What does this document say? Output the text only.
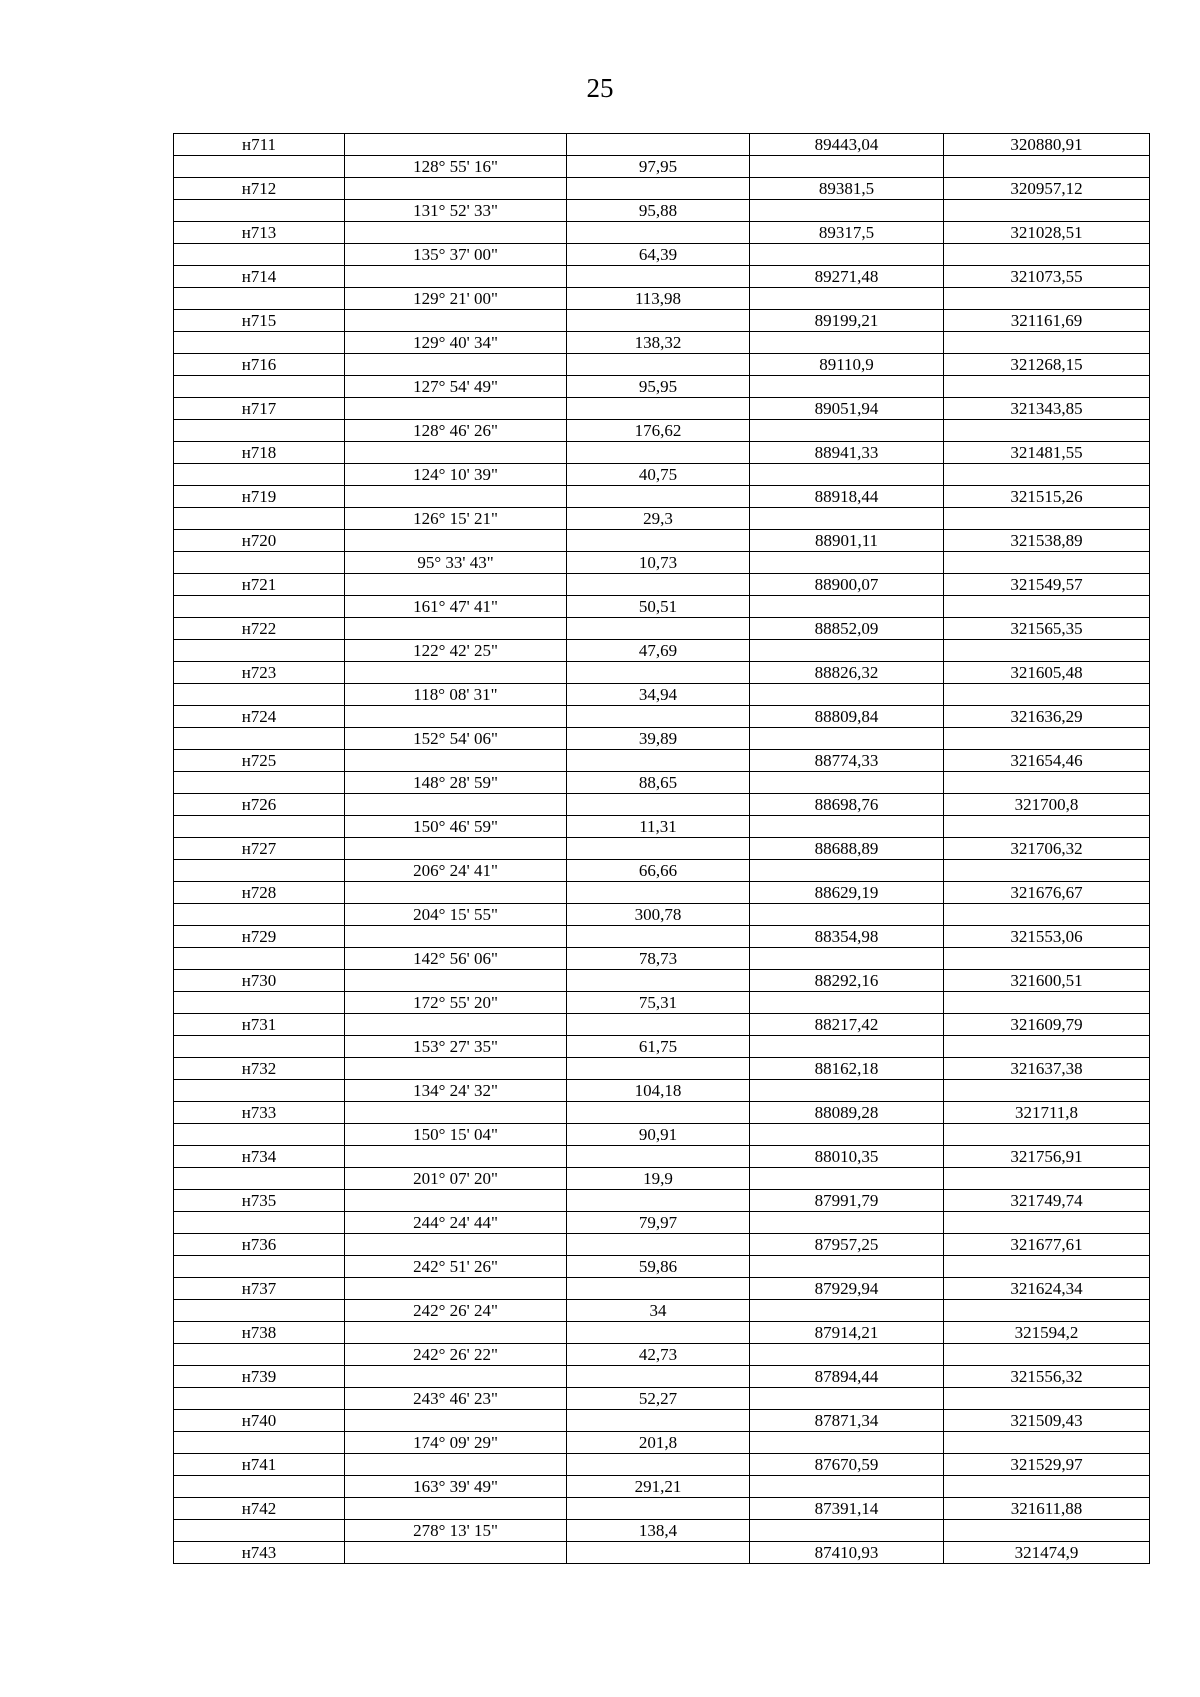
25
н711			89443,04	320880,91
	128° 55' 16"	97,95		
н712			89381,5	320957,12
	131° 52' 33"	95,88		
н713			89317,5	321028,51
	135° 37' 00"	64,39		
н714			89271,48	321073,55
	129° 21' 00"	113,98		
н715			89199,21	321161,69
	129° 40' 34"	138,32		
н716			89110,9	321268,15
	127° 54' 49"	95,95		
н717			89051,94	321343,85
	128° 46' 26"	176,62		
н718			88941,33	321481,55
	124° 10' 39"	40,75		
н719			88918,44	321515,26
	126° 15' 21"	29,3		
н720			88901,11	321538,89
	95° 33' 43"	10,73		
н721			88900,07	321549,57
	161° 47' 41"	50,51		
н722			88852,09	321565,35
	122° 42' 25"	47,69		
н723			88826,32	321605,48
	118° 08' 31"	34,94		
н724			88809,84	321636,29
	152° 54' 06"	39,89		
н725			88774,33	321654,46
	148° 28' 59"	88,65		
н726			88698,76	321700,8
	150° 46' 59"	11,31		
н727			88688,89	321706,32
	206° 24' 41"	66,66		
н728			88629,19	321676,67
	204° 15' 55"	300,78		
н729			88354,98	321553,06
	142° 56' 06"	78,73		
н730			88292,16	321600,51
	172° 55' 20"	75,31		
н731			88217,42	321609,79
	153° 27' 35"	61,75		
н732			88162,18	321637,38
	134° 24' 32"	104,18		
н733			88089,28	321711,8
	150° 15' 04"	90,91		
н734			88010,35	321756,91
	201° 07' 20"	19,9		
н735			87991,79	321749,74
	244° 24' 44"	79,97		
н736			87957,25	321677,61
	242° 51' 26"	59,86		
н737			87929,94	321624,34
	242° 26' 24"	34		
н738			87914,21	321594,2
	242° 26' 22"	42,73		
н739			87894,44	321556,32
	243° 46' 23"	52,27		
н740			87871,34	321509,43
	174° 09' 29"	201,8		
н741			87670,59	321529,97
	163° 39' 49"	291,21		
н742			87391,14	321611,88
	278° 13' 15"	138,4		
н743			87410,93	321474,9
